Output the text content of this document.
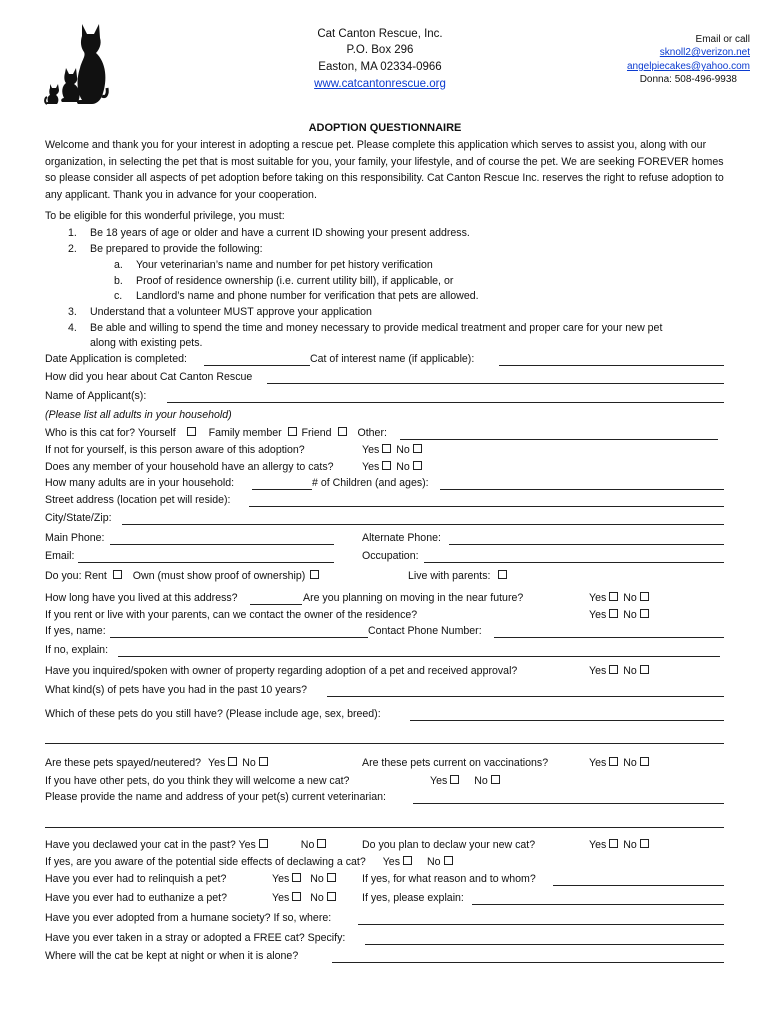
Cat Canton Rescue, Inc.
P.O. Box 296
Easton, MA 02334-0966
www.catcantonrescue.org
Email or call
sknoll2@verizon.net
angelpiecakes@yahoo.com
Donna: 508-496-9938
ADOPTION QUESTIONNAIRE
Welcome and thank you for your interest in adopting a rescue pet. Please complete this application which serves to assist you, along with our organization, in selecting the pet that is most suitable for you, your family, your lifestyle, and of course the pet. We are seeking FOREVER homes so please consider all aspects of pet adoption before taking on this responsibility. Cat Canton Rescue Inc. reserves the right to refuse adoption to any applicant. Thank you in advance for your cooperation.
To be eligible for this wonderful privilege, you must:
1. Be 18 years of age or older and have a current ID showing your present address.
2. Be prepared to provide the following:
a. Your veterinarian’s name and number for pet history verification
b. Proof of residence ownership (i.e. current utility bill), if applicable, or
c. Landlord’s name and phone number for verification that pets are allowed.
3. Understand that a volunteer MUST approve your application
4. Be able and willing to spend the time and money necessary to provide medical treatment and proper care for your new pet
along with existing pets.
Date Application is completed:	Cat of interest name (if applicable):
How did you hear about Cat Canton Rescue
Name of Applicant(s):
(Please list all adults in your household)
Who is this cat for? Yourself	Family member Friend Other:
If not for yourself, is this person aware of this adoption?	Yes No
Does any member of your household have an allergy to cats?	Yes No
How many adults are in your household:	# of Children (and ages):
Street address (location pet will reside):
City/State/Zip:
Main Phone:	Alternate Phone:
Email:	Occupation:
Do you: Rent Own (must show proof of ownership)	Live with parents:
How long have you lived at this address?	Are you planning on moving in the near future?	Yes No
If you rent or live with your parents, can we contact the owner of the residence?	Yes No
If yes, name:	Contact Phone Number:
If no, explain:
Have you inquired/spoken with owner of property regarding adoption of a pet and received approval?	Yes No
What kind(s) of pets have you had in the past 10 years?
Which of these pets do you still have? (Please include age, sex, breed):
Are these pets spayed/neutered? Yes No	Are these pets current on vaccinations?	Yes No
If you have other pets, do you think they will welcome a new cat?	Yes	No
Please provide the name and address of your pet(s) current veterinarian:
Have you declawed your cat in the past? Yes	No	Do you plan to declaw your new cat?	Yes No
If yes, are you aware of the potential side effects of declawing a cat? Yes	No
Have you ever had to relinquish a pet?	Yes No	If yes, for what reason and to whom?
Have you ever had to euthanize a pet?	Yes No	If yes, please explain:
Have you ever adopted from a humane society? If so, where:
Have you ever taken in a stray or adopted a FREE cat? Specify:
Where will the cat be kept at night or when it is alone?
